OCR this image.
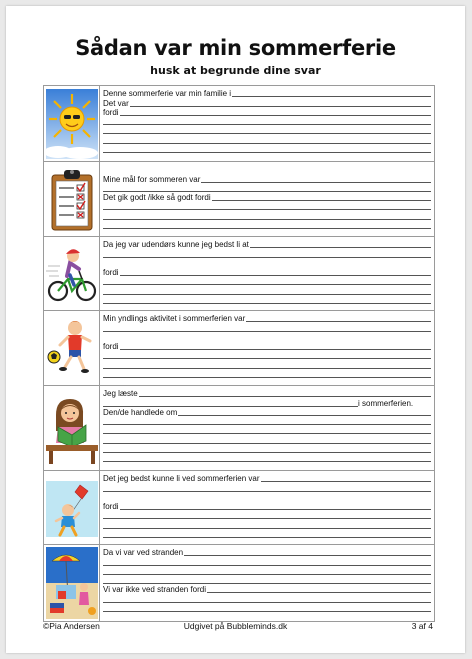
Sådan var min sommerferie
husk at begrunde dine svar
Denne sommerferie var min familie i
Det var
fordi
Mine mål for sommeren var
Det gik godt /ikke så godt fordi
Da jeg var udendørs kunne jeg bedst li at
fordi
Min yndlings aktivitet i sommerferien var
fordi
Jeg læste
i sommerferien.
Den/de handlede om
Det jeg bedst kunne li ved sommerferien var
fordi
Da vi var ved stranden
Vi var ikke ved stranden fordi
©Pia Andersen	Udgivet på Bubbleminds.dk	3 af 4
